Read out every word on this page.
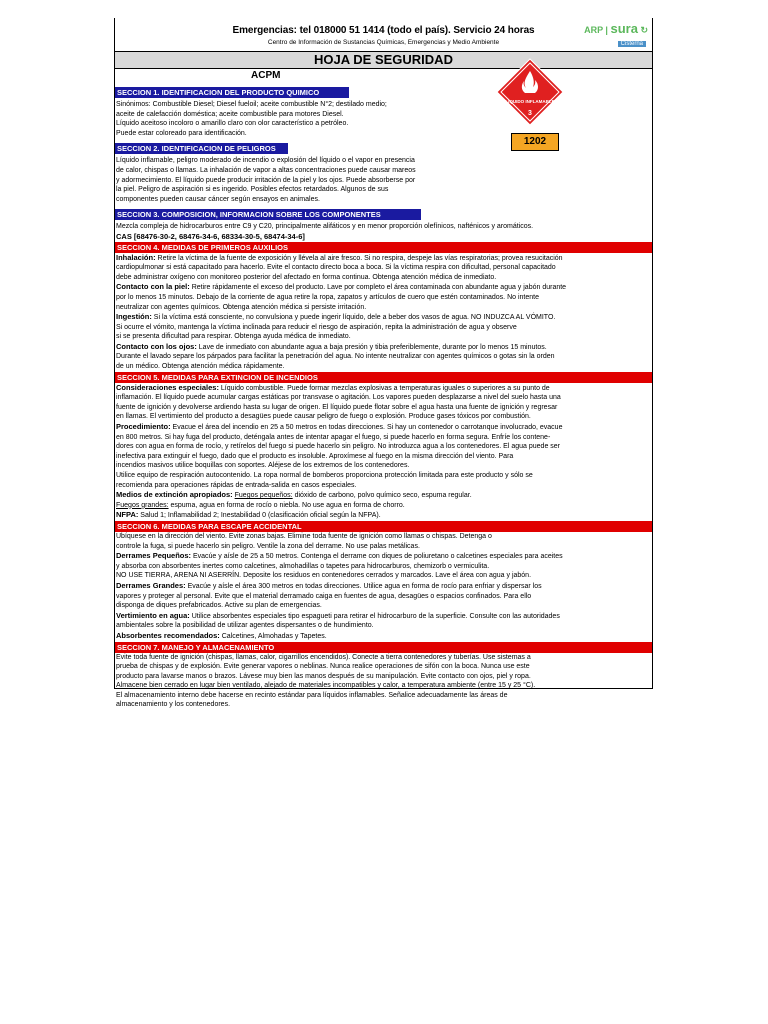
Emergencias: tel 018000 51 1414 (todo el país). Servicio 24 horas
Centro de Información de Sustancias Químicas, Emergencias y Medio Ambiente
ARP | sura ↻
Cisterna
HOJA DE SEGURIDAD
ACPM
LIQUIDO INFLAMABLE
3
1202
SECCION 1. IDENTIFICACION DEL PRODUCTO QUIMICO
Sinónimos: Combustible Diesel; Diesel fueloil; aceite combustible N°2; destilado medio;
aceite de calefacción doméstica; aceite combustible para motores Diesel.
Líquido aceitoso incoloro o amarillo claro con olor característico a petróleo.
Puede estar coloreado para identificación.
SECCION 2. IDENTIFICACION DE PELIGROS
Líquido inflamable, peligro moderado de incendio o explosión del líquido o el vapor en presencia
de calor, chispas o llamas. La inhalación de vapor a altas concentraciones puede causar mareos
y adormecimiento. El líquido puede producir irritación de la piel y los ojos. Puede absorberse por
la piel. Peligro de aspiración si es ingerido. Posibles efectos retardados. Algunos de sus
componentes pueden causar cáncer según ensayos en animales.
SECCION 3. COMPOSICION, INFORMACION SOBRE LOS COMPONENTES
Mezcla compleja de hidrocarburos entre C9 y C20, principalmente alifáticos y en menor proporción olefínicos, nafténicos y aromáticos.
CAS [68476-30-2, 68476-34-6, 68334-30-5, 68474-34-6]
SECCION 4. MEDIDAS DE PRIMEROS AUXILIOS
Inhalación: Retire la víctima de la fuente de exposición y llévela al aire fresco. Si no respira, despeje las vías respiratorias; provea resucitación
cardiopulmonar si está capacitado para hacerlo. Evite el contacto directo boca a boca. Si la víctima respira con dificultad, personal capacitado
debe administrar oxígeno con monitoreo posterior del afectado en forma continua. Obtenga atención médica de inmediato.
Contacto con la piel: Retire rápidamente el exceso del producto. Lave por completo el área contaminada con abundante agua y jabón durante
por lo menos 15 minutos. Debajo de la corriente de agua retire la ropa, zapatos y artículos de cuero que estén contaminados. No intente
neutralizar con agentes químicos. Obtenga atención médica si persiste irritación.
Ingestión: Si la víctima está consciente, no convulsiona y puede ingerir líquido, dele a beber dos vasos de agua. NO INDUZCA AL VÓMITO.
Si ocurre el vómito, mantenga la víctima inclinada para reducir el riesgo de aspiración, repita la administración de agua y observe
si se presenta dificultad para respirar. Obtenga ayuda médica de inmediato.
Contacto con los ojos: Lave de inmediato con abundante agua a baja presión y tibia preferiblemente, durante por lo menos 15 minutos.
Durante el lavado separe los párpados para facilitar la penetración del agua. No intente neutralizar con agentes químicos o gotas sin la orden
de un médico. Obtenga atención médica rápidamente.
SECCION 5. MEDIDAS PARA EXTINCION DE INCENDIOS
Consideraciones especiales: Líquido combustible. Puede formar mezclas explosivas a temperaturas iguales o superiores a su punto de
inflamación. El líquido puede acumular cargas estáticas por transvase o agitación. Los vapores pueden desplazarse a nivel del suelo hasta una
fuente de ignición y devolverse ardiendo hasta su lugar de origen. El líquido puede flotar sobre el agua hasta una fuente de ignición y regresar
en llamas. El vertimiento del producto a desagües puede causar peligro de fuego o explosión. Produce gases tóxicos por combustión.
Procedimiento: Evacue el área del incendio en 25 a 50 metros en todas direcciones. Si hay un contenedor o carrotanque involucrado, evacue
en 800 metros. Si hay fuga del producto, deténgala antes de intentar apagar el fuego, si puede hacerlo en forma segura. Enfríe los contene-
dores con agua en forma de rocío, y retírelos del fuego si puede hacerlo sin peligro. No introduzca agua a los contenedores. El agua puede ser
inefectiva para extinguir el fuego, dado que el producto es insoluble. Aproxímese al fuego en la misma dirección del viento. Para
incendios masivos utilice boquillas con soportes. Aléjese de los extremos de los contenedores.
Utilice equipo de respiración autocontenido. La ropa normal de bomberos proporciona protección limitada para este producto y sólo se
recomienda para operaciones rápidas de entrada-salida en casos especiales.
Medios de extinción apropiados: Fuegos pequeños: dióxido de carbono, polvo químico seco, espuma regular.
Fuegos grandes: espuma, agua en forma de rocío o niebla. No use agua en forma de chorro.
NFPA: Salud 1; Inflamabilidad 2; Inestabilidad 0 (clasificación oficial según la NFPA).
SECCION 6. MEDIDAS PARA ESCAPE ACCIDENTAL
Ubíquese en la dirección del viento. Evite zonas bajas. Elimine toda fuente de ignición como llamas o chispas. Detenga o
controle la fuga, si puede hacerlo sin peligro. Ventile la zona del derrame. No use palas metálicas.
Derrames Pequeños: Evacúe y aísle de 25 a 50 metros. Contenga el derrame con diques de poliuretano o calcetines especiales para aceites
y absorba con absorbentes inertes como calcetines, almohadillas o tapetes para hidrocarburos, chemizorb o vermiculita.
NO USE TIERRA, ARENA NI ASERRÍN. Deposite los residuos en contenedores cerrados y marcados. Lave el área con agua y jabón.
Derrames Grandes: Evacúe y aísle el área 300 metros en todas direcciones. Utilice agua en forma de rocío para enfriar y dispersar los
vapores y proteger al personal. Evite que el material derramado caiga en fuentes de agua, desagües o espacios confinados. Para ello
disponga de diques prefabricados. Active su plan de emergencias.
Vertimiento en agua: Utilice absorbentes especiales tipo espagueti para retirar el hidrocarburo de la superficie. Consulte con las autoridades
ambientales sobre la posibilidad de utilizar agentes dispersantes o de hundimiento.
Absorbentes recomendados: Calcetines, Almohadas y Tapetes.
SECCION 7. MANEJO Y ALMACENAMIENTO
Evite toda fuente de ignición (chispas, llamas, calor, cigarrillos encendidos). Conecte a tierra contenedores y tuberías. Use sistemas a
prueba de chispas y de explosión. Evite generar vapores o neblinas. Nunca realice operaciones de sifón con la boca. Nunca use este
producto para lavarse manos o brazos. Lávese muy bien las manos después de su manipulación. Evite contacto con ojos, piel y ropa.
Almacene bien cerrado en lugar bien ventilado, alejado de materiales incompatibles y calor, a temperatura ambiente (entre 15 y 25 °C).
El almacenamiento interno debe hacerse en recinto estándar para líquidos inflamables. Señalice adecuadamente las áreas de
almacenamiento y los contenedores.
